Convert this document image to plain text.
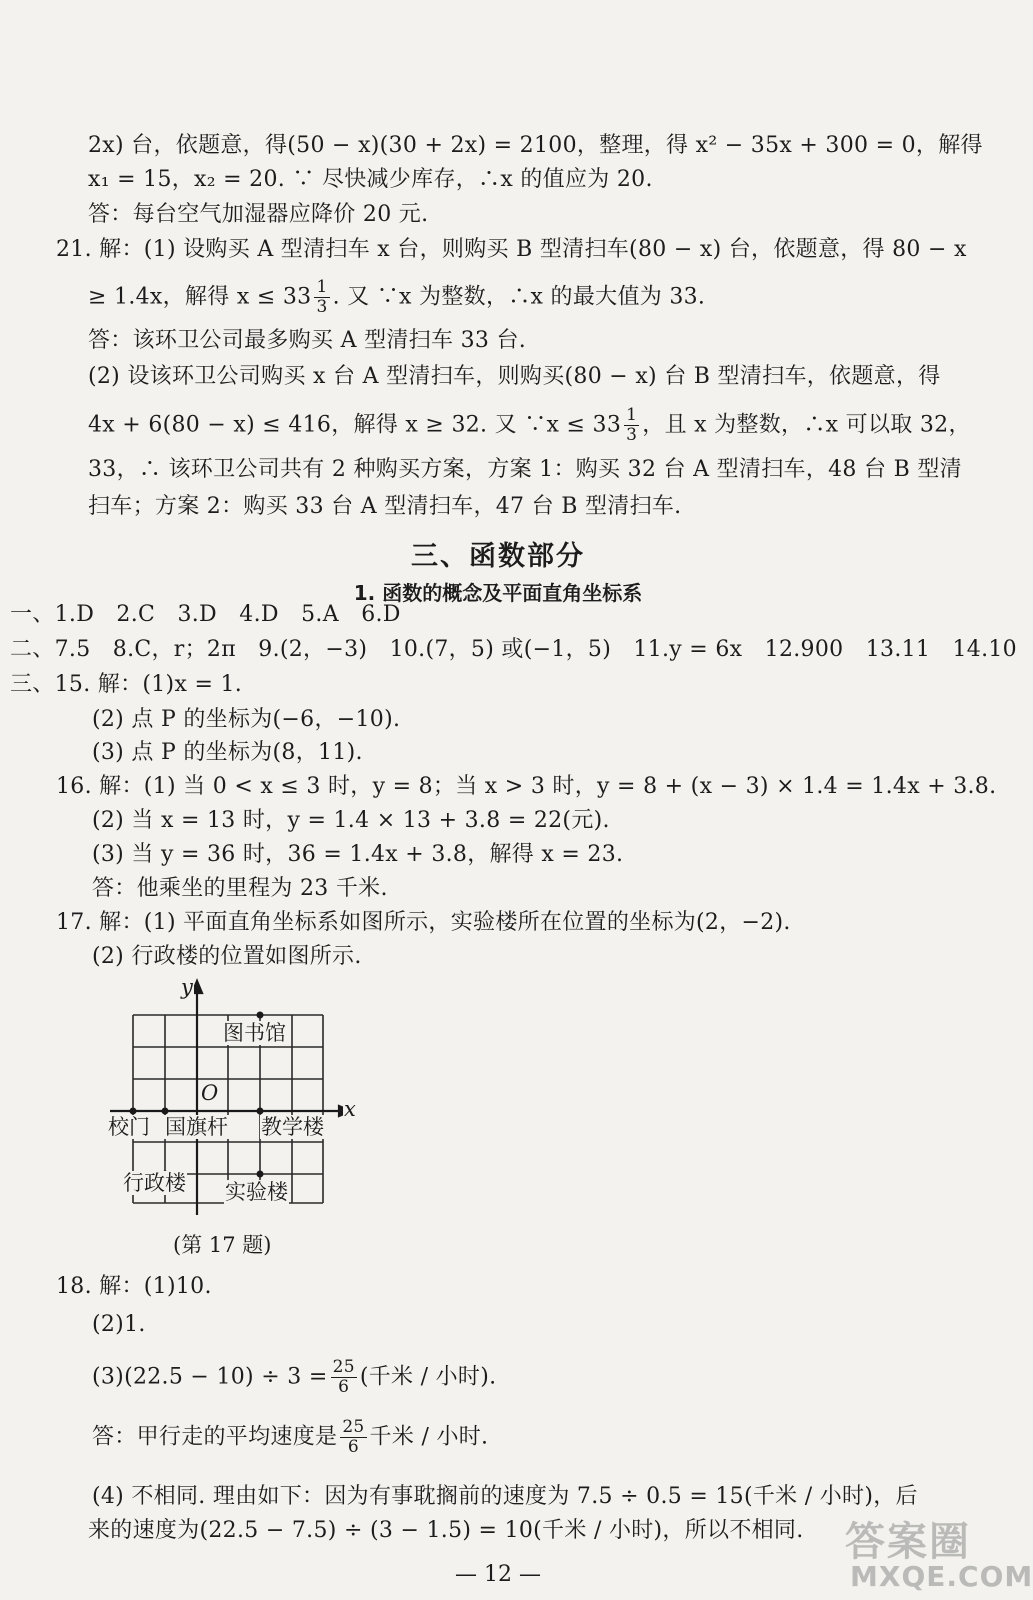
2x) 台，依题意，得(50 − x)(30 + 2x) = 2100，整理，得 x² − 35x + 300 = 0，解得
x₁ = 15，x₂ = 20. ∵ 尽快减少库存，∴x 的值应为 20.
答：每台空气加湿器应降价 20 元.
21. 解：(1) 设购买 A 型清扫车 x 台，则购买 B 型清扫车(80 − x) 台，依题意，得 80 − x
≥ 1.4x，解得 $x \le 33 \frac{1}{3}$ . 又 ∵x 为整数，∴x 的最大值为 33.
答：该环卫公司最多购买 A 型清扫车 33 台.
(2) 设该环卫公司购买 x 台 A 型清扫车，则购买(80 − x) 台 B 型清扫车，依题意，得
4x + 6(80 − x) ≤ 416，解得 x ≥ 32. 又 ∵x ≤ $33 \frac{1}{3}$ ，且 x 为整数，∴x 可以取 32，
33，∴ 该环卫公司共有 2 种购买方案，方案 1：购买 32 台 A 型清扫车，48 台 B 型清
扫车；方案 2：购买 33 台 A 型清扫车，47 台 B 型清扫车.
三、函数部分
1. 函数的概念及平面直角坐标系
一、1.D　2.C　3.D　4.D　5.A　6.D
二、7.5　8.C，r；2π　9.(2，−3)　10.(7，5) 或(−1，5)　11.y = 6x　12.900　13.11　14.10
三、15. 解：(1)x = 1.
(2) 点 P 的坐标为(−6，−10).
(3) 点 P 的坐标为(8，11).
16. 解：(1) 当 0 < x ≤ 3 时，y = 8；当 x > 3 时，y = 8 + (x − 3) × 1.4 = 1.4x + 3.8.
(2) 当 x = 13 时，y = 1.4 × 13 + 3.8 = 22(元).
(3) 当 y = 36 时，36 = 1.4x + 3.8，解得 x = 23.
答：他乘坐的里程为 23 千米.
17. 解：(1) 平面直角坐标系如图所示，实验楼所在位置的坐标为(2，−2).
(2) 行政楼的位置如图所示.
y
x
O
图书馆
校门 国旗杆 教学楼
行政楼 实验楼
(第 17 题)
18. 解：(1)10.
(2)1.
$(3)(22.5 - 10) \div 3 = \frac{25}{6}$ (千米 / 小时).
答：甲行走的平均速度是 $\frac{25}{6}$ 千米 / 小时.
(4) 不相同. 理由如下：因为有事耽搁前的速度为 7.5 ÷ 0.5 = 15(千米 / 小时)，后
来的速度为(22.5 − 7.5) ÷ (3 − 1.5) = 10(千米 / 小时)，所以不相同.
— 12 —
答案圈
MXQE.COM
